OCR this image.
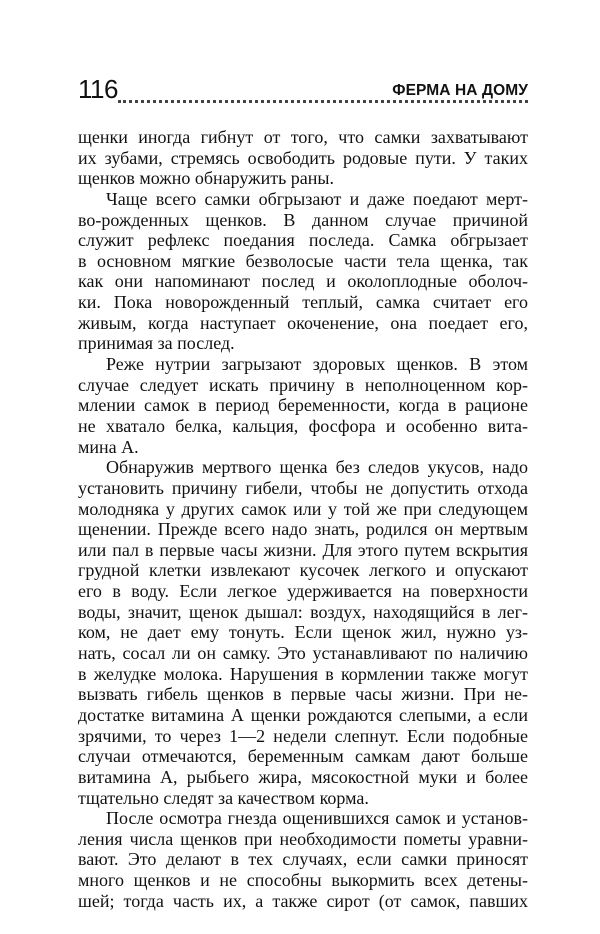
116	ФЕРМА НА ДОМУ
щенки иногда гибнут от того, что самки захватывают
их зубами, стремясь освободить родовые пути. У таких
щенков можно обнаружить раны.
Чаще всего самки обгрызают и даже поедают мерт-
во-рожденных щенков. В данном случае причиной
служит рефлекс поедания последа. Самка обгрызает
в основном мягкие безволосые части тела щенка, так
как они напоминают послед и околоплодные оболоч-
ки. Пока новорожденный теплый, самка считает его
живым, когда наступает окоченение, она поедает его,
принимая за послед.
Реже нутрии загрызают здоровых щенков. В этом
случае следует искать причину в неполноценном кор-
млении самок в период беременности, когда в рационе
не хватало белка, кальция, фосфора и особенно вита-
мина А.
Обнаружив мертвого щенка без следов укусов, надо
установить причину гибели, чтобы не допустить отхода
молодняка у других самок или у той же при следующем
щенении. Прежде всего надо знать, родился он мертвым
или пал в первые часы жизни. Для этого путем вскрытия
грудной клетки извлекают кусочек легкого и опускают
его в воду. Если легкое удерживается на поверхности
воды, значит, щенок дышал: воздух, находящийся в лег-
ком, не дает ему тонуть. Если щенок жил, нужно уз-
нать, сосал ли он самку. Это устанавливают по наличию
в желудке молока. Нарушения в кормлении также могут
вызвать гибель щенков в первые часы жизни. При не-
достатке витамина А щенки рождаются слепыми, а если
зрячими, то через 1—2 недели слепнут. Если подобные
случаи отмечаются, беременным самкам дают больше
витамина А, рыбьего жира, мясокостной муки и более
тщательно следят за качеством корма.
После осмотра гнезда ощенившихся самок и установ-
ления числа щенков при необходимости пометы уравни-
вают. Это делают в тех случаях, если самки приносят
много щенков и не способны выкормить всех детены-
шей; тогда часть их, а также сирот (от самок, павших
